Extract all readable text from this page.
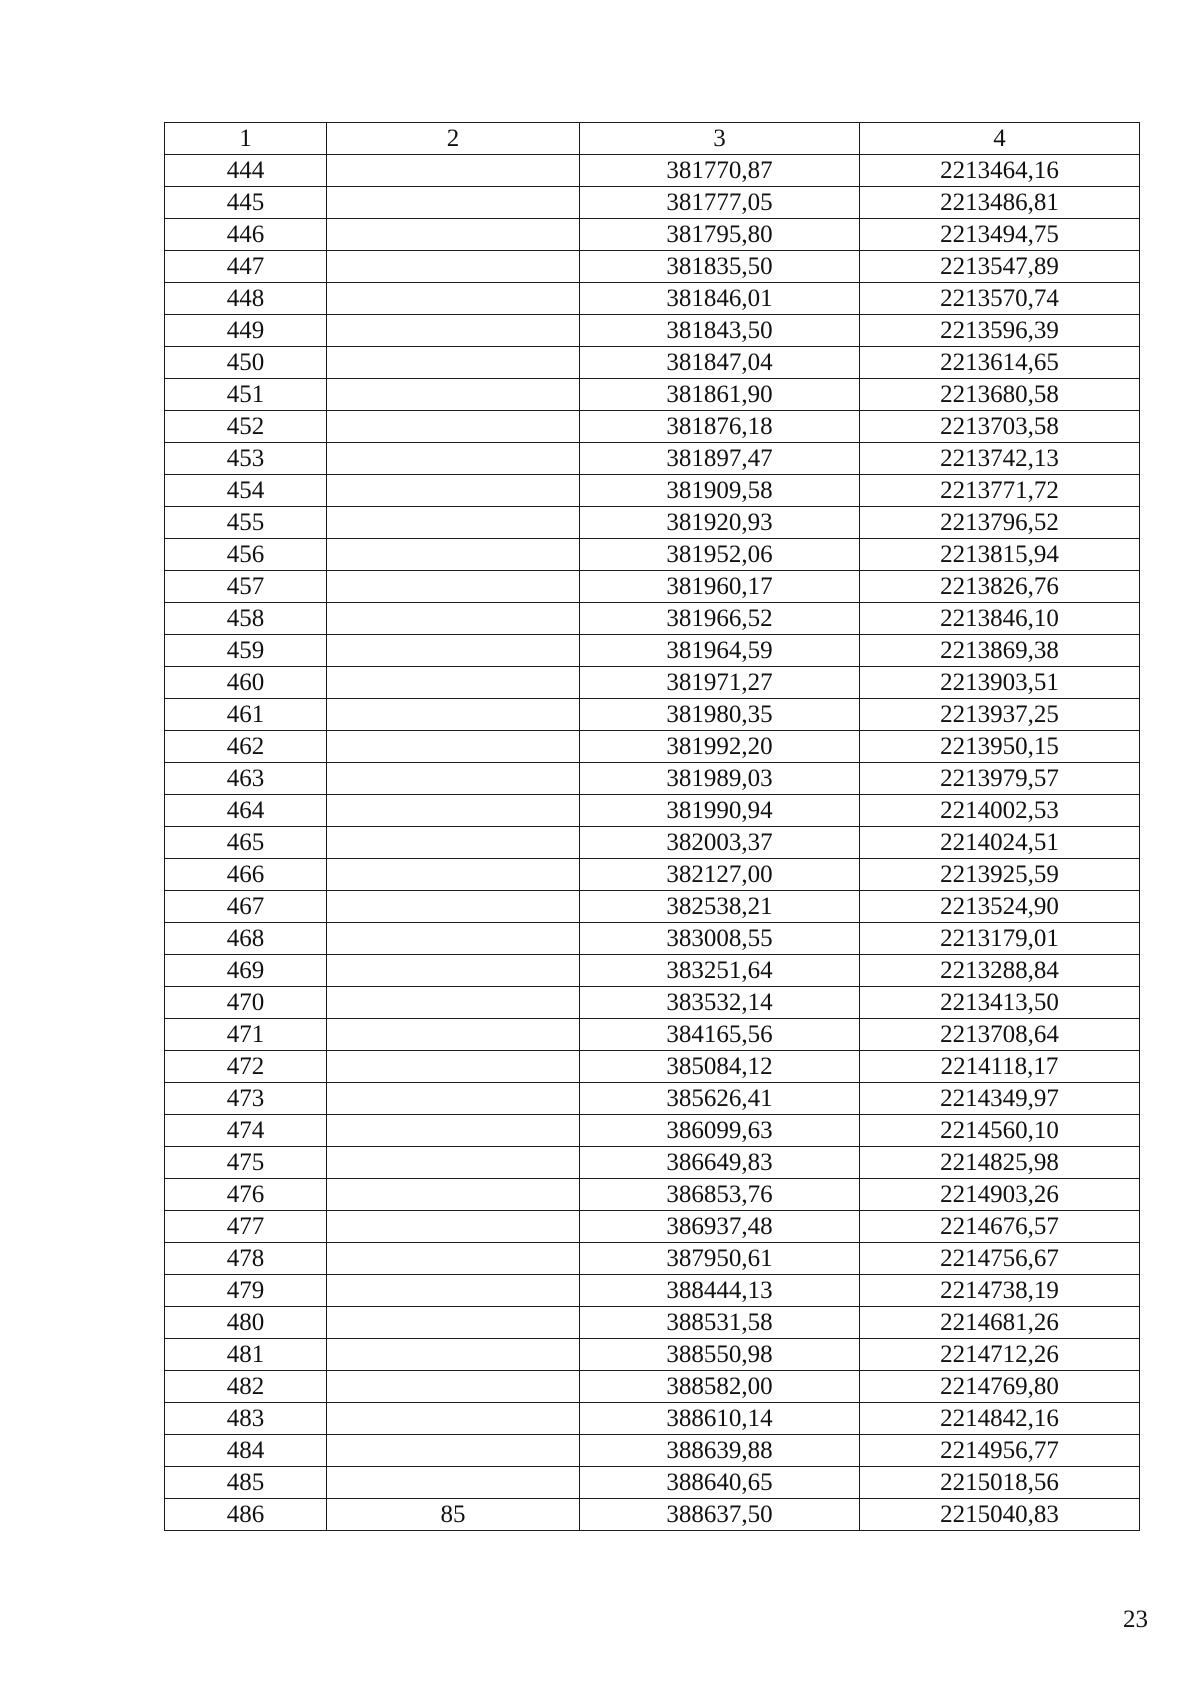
1	2	3	4
444		381770,87	2213464,16
445		381777,05	2213486,81
446		381795,80	2213494,75
447		381835,50	2213547,89
448		381846,01	2213570,74
449		381843,50	2213596,39
450		381847,04	2213614,65
451		381861,90	2213680,58
452		381876,18	2213703,58
453		381897,47	2213742,13
454		381909,58	2213771,72
455		381920,93	2213796,52
456		381952,06	2213815,94
457		381960,17	2213826,76
458		381966,52	2213846,10
459		381964,59	2213869,38
460		381971,27	2213903,51
461		381980,35	2213937,25
462		381992,20	2213950,15
463		381989,03	2213979,57
464		381990,94	2214002,53
465		382003,37	2214024,51
466		382127,00	2213925,59
467		382538,21	2213524,90
468		383008,55	2213179,01
469		383251,64	2213288,84
470		383532,14	2213413,50
471		384165,56	2213708,64
472		385084,12	2214118,17
473		385626,41	2214349,97
474		386099,63	2214560,10
475		386649,83	2214825,98
476		386853,76	2214903,26
477		386937,48	2214676,57
478		387950,61	2214756,67
479		388444,13	2214738,19
480		388531,58	2214681,26
481		388550,98	2214712,26
482		388582,00	2214769,80
483		388610,14	2214842,16
484		388639,88	2214956,77
485		388640,65	2215018,56
486	85	388637,50	2215040,83
23
